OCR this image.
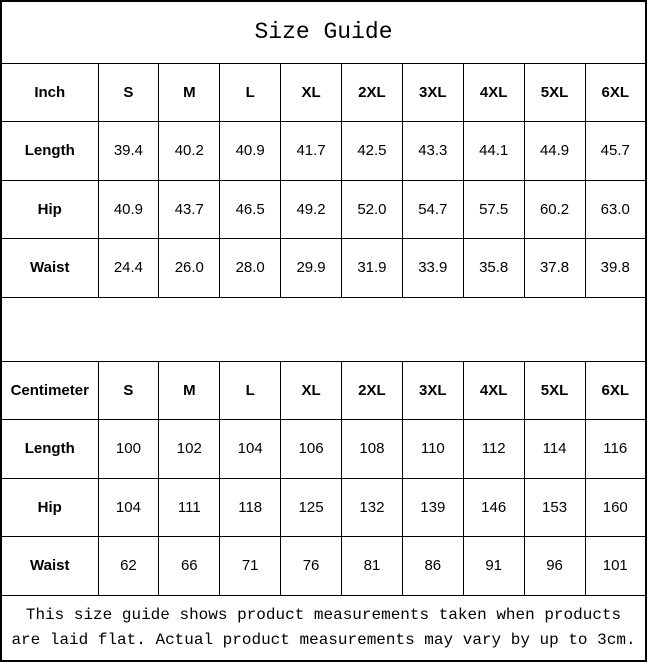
Size Guide									
Inch	S	M	L	XL	2XL	3XL	4XL	5XL	6XL
Length	39.4	40.2	40.9	41.7	42.5	43.3	44.1	44.9	45.7
Hip	40.9	43.7	46.5	49.2	52.0	54.7	57.5	60.2	63.0
Waist	24.4	26.0	28.0	29.9	31.9	33.9	35.8	37.8	39.8

Centimeter	S	M	L	XL	2XL	3XL	4XL	5XL	6XL
Length	100	102	104	106	108	110	112	114	116
Hip	104	111	118	125	132	139	146	153	160
Waist	62	66	71	76	81	86	91	96	101

This size guide shows product measurements taken when products
are laid flat. Actual product measurements may vary by up to 3cm.									
